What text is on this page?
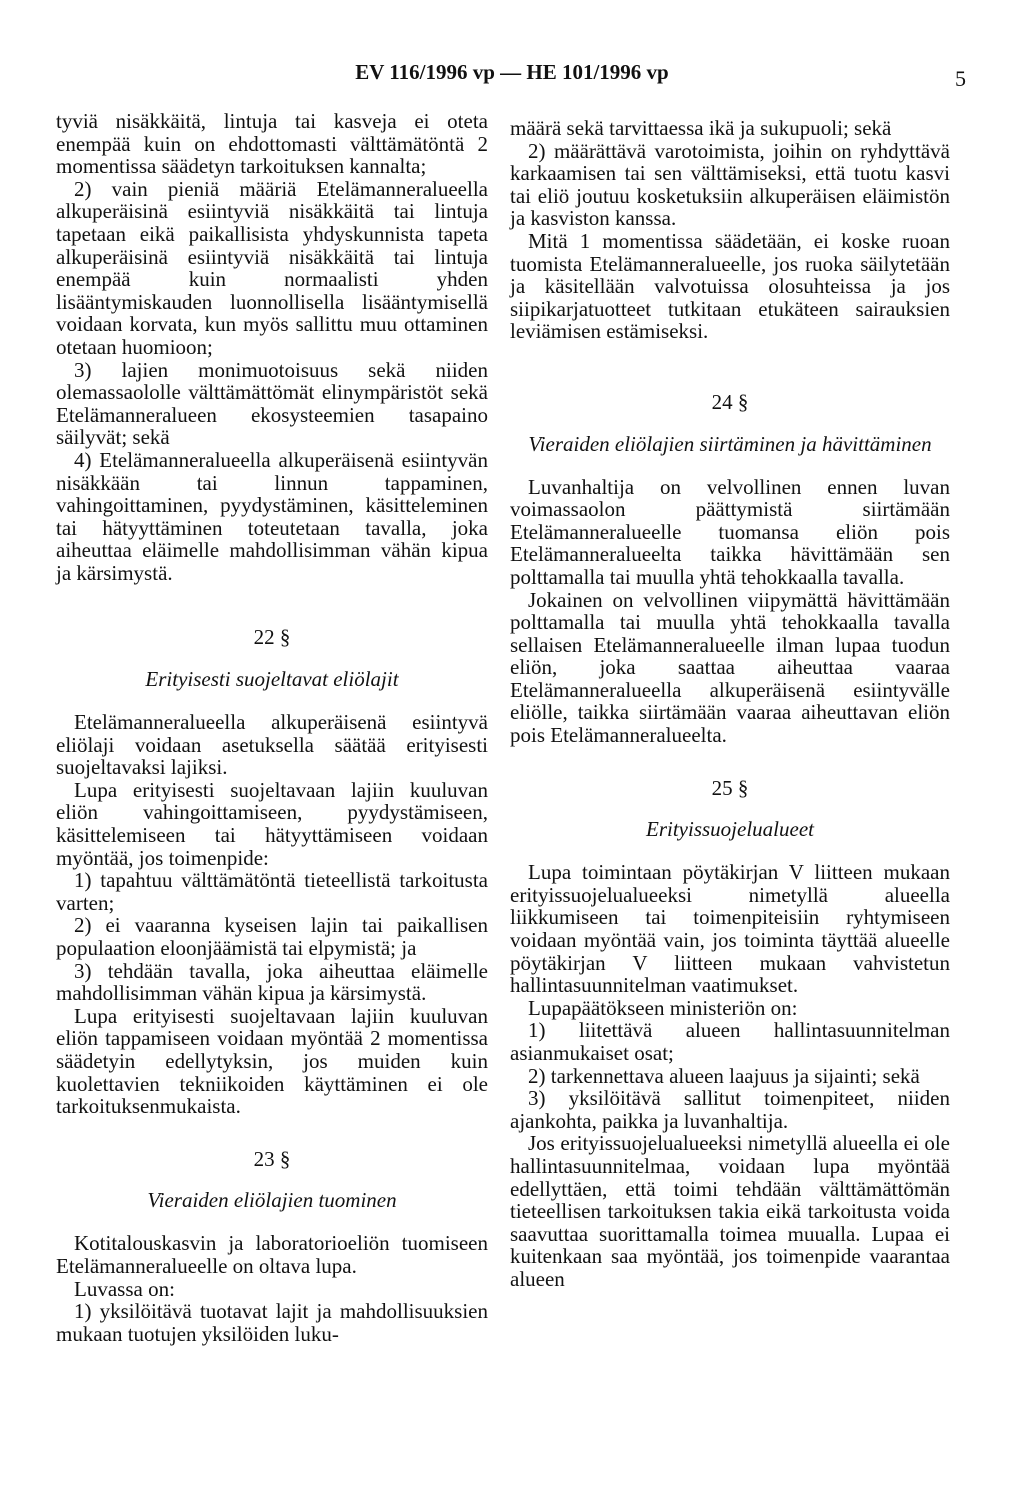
EV 116/1996 vp — HE 101/1996 vp	5

tyviä nisäkkäitä, lintuja tai kasveja ei oteta enempää kuin on ehdottomasti välttämätöntä 2 momentissa säädetyn tarkoituksen kannalta;

2) vain pieniä määriä Etelämanneralueella alkuperäisinä esiintyviä nisäkkäitä tai lintuja tapetaan eikä paikallisista yhdyskunnista tapeta alkuperäisinä esiintyviä nisäkkäitä tai lintuja enempää kuin normaalisti yhden lisääntymiskauden luonnollisella lisääntymisellä voidaan korvata, kun myös sallittu muu ottaminen otetaan huomioon;

3) lajien monimuotoisuus sekä niiden olemassaololle välttämättömät elinympäristöt sekä Etelämanneralueen ekosysteemien tasapaino säilyvät; sekä

4) Etelämanneralueella alkuperäisenä esiintyvän nisäkkään tai linnun tappaminen, vahingoittaminen, pyydystäminen, käsitteleminen tai hätyyttäminen toteutetaan tavalla, joka aiheuttaa eläimelle mahdollisimman vähän kipua ja kärsimystä.

22 §
Erityisesti suojeltavat eliölajit

Etelämanneralueella alkuperäisenä esiintyvä eliölaji voidaan asetuksella säätää erityisesti suojeltavaksi lajiksi.

Lupa erityisesti suojeltavaan lajiin kuuluvan eliön vahingoittamiseen, pyydystämiseen, käsittelemiseen tai hätyyttämiseen voidaan myöntää, jos toimenpide:

1) tapahtuu välttämätöntä tieteellistä tarkoitusta varten;

2) ei vaaranna kyseisen lajin tai paikallisen populaation eloonjäämistä tai elpymistä; ja

3) tehdään tavalla, joka aiheuttaa eläimelle mahdollisimman vähän kipua ja kärsimystä.

Lupa erityisesti suojeltavaan lajiin kuuluvan eliön tappamiseen voidaan myöntää 2 momentissa säädetyin edellytyksin, jos muiden kuin kuolettavien tekniikoiden käyttäminen ei ole tarkoituksenmukaista.

23 §
Vieraiden eliölajien tuominen

Kotitalouskasvin ja laboratorioeliön tuomiseen Etelämanneralueelle on oltava lupa.

Luvassa on:

1) yksilöitävä tuotavat lajit ja mahdollisuuksien mukaan tuotujen yksilöiden luku-

määrä sekä tarvittaessa ikä ja sukupuoli; sekä

2) määrättävä varotoimista, joihin on ryhdyttävä karkaamisen tai sen välttämiseksi, että tuotu kasvi tai eliö joutuu kosketuksiin alkuperäisen eläimistön ja kasviston kanssa.

Mitä 1 momentissa säädetään, ei koske ruoan tuomista Etelämanneralueelle, jos ruoka säilytetään ja käsitellään valvotuissa olosuhteissa ja jos siipikarjatuotteet tutkitaan etukäteen sairauksien leviämisen estämiseksi.

24 §
Vieraiden eliölajien siirtäminen ja hävittäminen

Luvanhaltija on velvollinen ennen luvan voimassaolon päättymistä siirtämään Etelämanneralueelle tuomansa eliön pois Etelämanneralueelta taikka hävittämään sen polttamalla tai muulla yhtä tehokkaalla tavalla.

Jokainen on velvollinen viipymättä hävittämään polttamalla tai muulla yhtä tehokkaalla tavalla sellaisen Etelämanneralueelle ilman lupaa tuodun eliön, joka saattaa aiheuttaa vaaraa Etelämanneralueella alkuperäisenä esiintyvälle eliölle, taikka siirtämään vaaraa aiheuttavan eliön pois Etelämanneralueelta.

25 §
Erityissuojelualueet

Lupa toimintaan pöytäkirjan V liitteen mukaan erityissuojelualueeksi nimetyllä alueella liikkumiseen tai toimenpiteisiin ryhtymiseen voidaan myöntää vain, jos toiminta täyttää alueelle pöytäkirjan V liitteen mukaan vahvistetun hallintasuunnitelman vaatimukset.

Lupapäätökseen ministeriön on:

1) liitettävä alueen hallintasuunnitelman asianmukaiset osat;

2) tarkennettava alueen laajuus ja sijainti; sekä

3) yksilöitävä sallitut toimenpiteet, niiden ajankohta, paikka ja luvanhaltija.

Jos erityissuojelualueeksi nimetyllä alueella ei ole hallintasuunnitelmaa, voidaan lupa myöntää edellyttäen, että toimi tehdään välttämättömän tieteellisen tarkoituksen takia eikä tarkoitusta voida saavuttaa suorittamalla toimea muualla. Lupaa ei kuitenkaan saa myöntää, jos toimenpide vaarantaa alueen
